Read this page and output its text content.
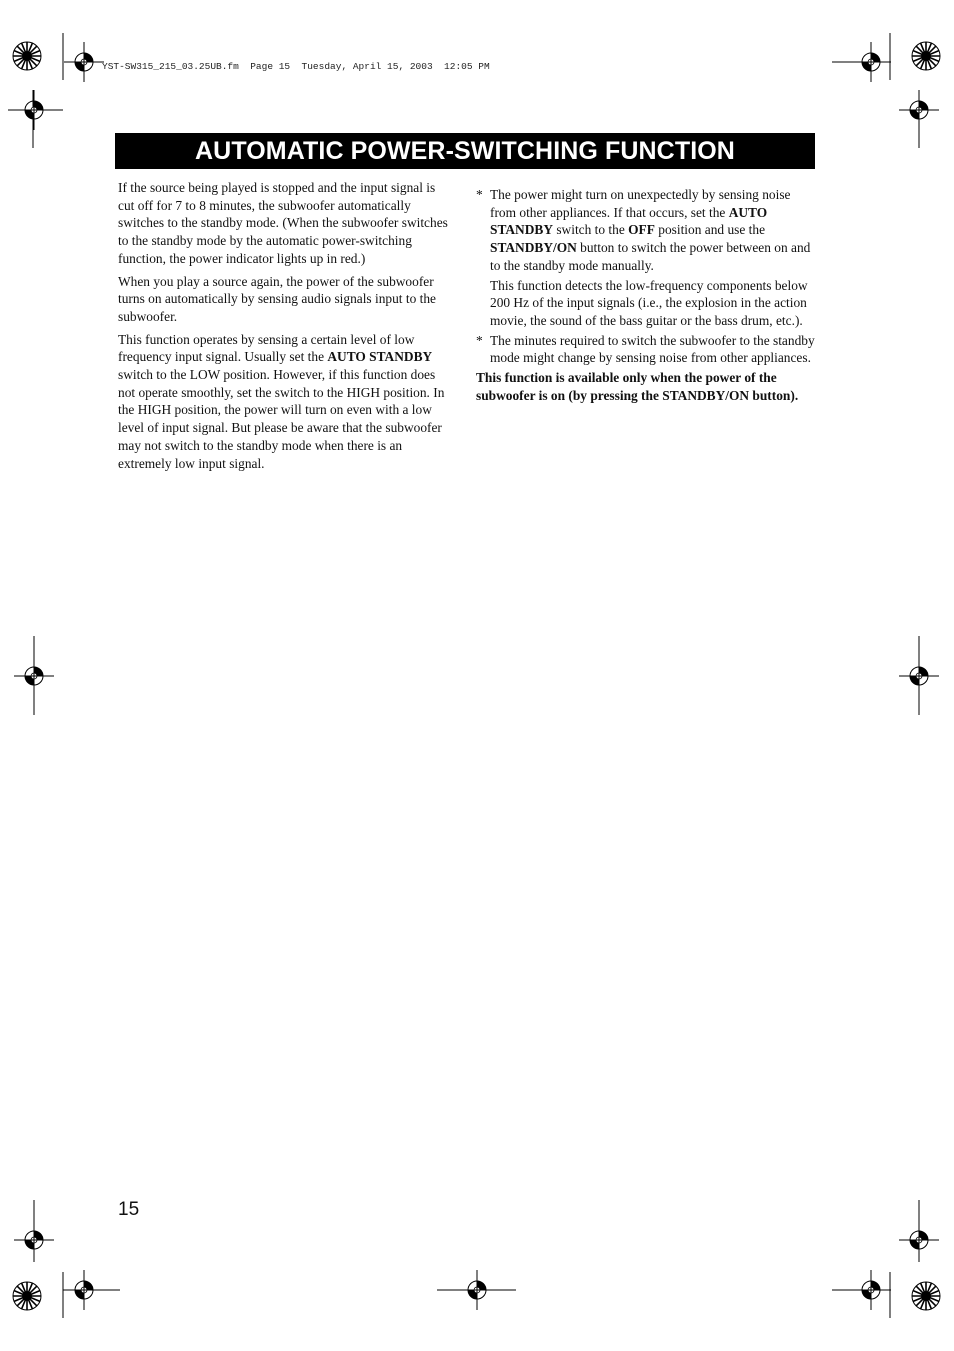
YST-SW315_215_03.25UB.fm  Page 15  Tuesday, April 15, 2003  12:05 PM
AUTOMATIC POWER-SWITCHING FUNCTION

If the source being played is stopped and the input signal is cut off for 7 to 8 minutes, the subwoofer automatically switches to the standby mode. (When the subwoofer switches to the standby mode by the automatic power-switching function, the power indicator lights up in red.)

When you play a source again, the power of the subwoofer turns on automatically by sensing audio signals input to the subwoofer.

This function operates by sensing a certain level of low frequency input signal. Usually set the AUTO STANDBY switch to the LOW position. However, if this function does not operate smoothly, set the switch to the HIGH position. In the HIGH position, the power will turn on even with a low level of input signal. But please be aware that the subwoofer may not switch to the standby mode when there is an extremely low input signal.

* The power might turn on unexpectedly by sensing noise from other appliances. If that occurs, set the AUTO STANDBY switch to the OFF position and use the STANDBY/ON button to switch the power between on and to the standby mode manually.

This function detects the low-frequency components below 200 Hz of the input signals (i.e., the explosion in the action movie, the sound of the bass guitar or the bass drum, etc.).

* The minutes required to switch the subwoofer to the standby mode might change by sensing noise from other appliances.

This function is available only when the power of the subwoofer is on (by pressing the STANDBY/ON button).

15
